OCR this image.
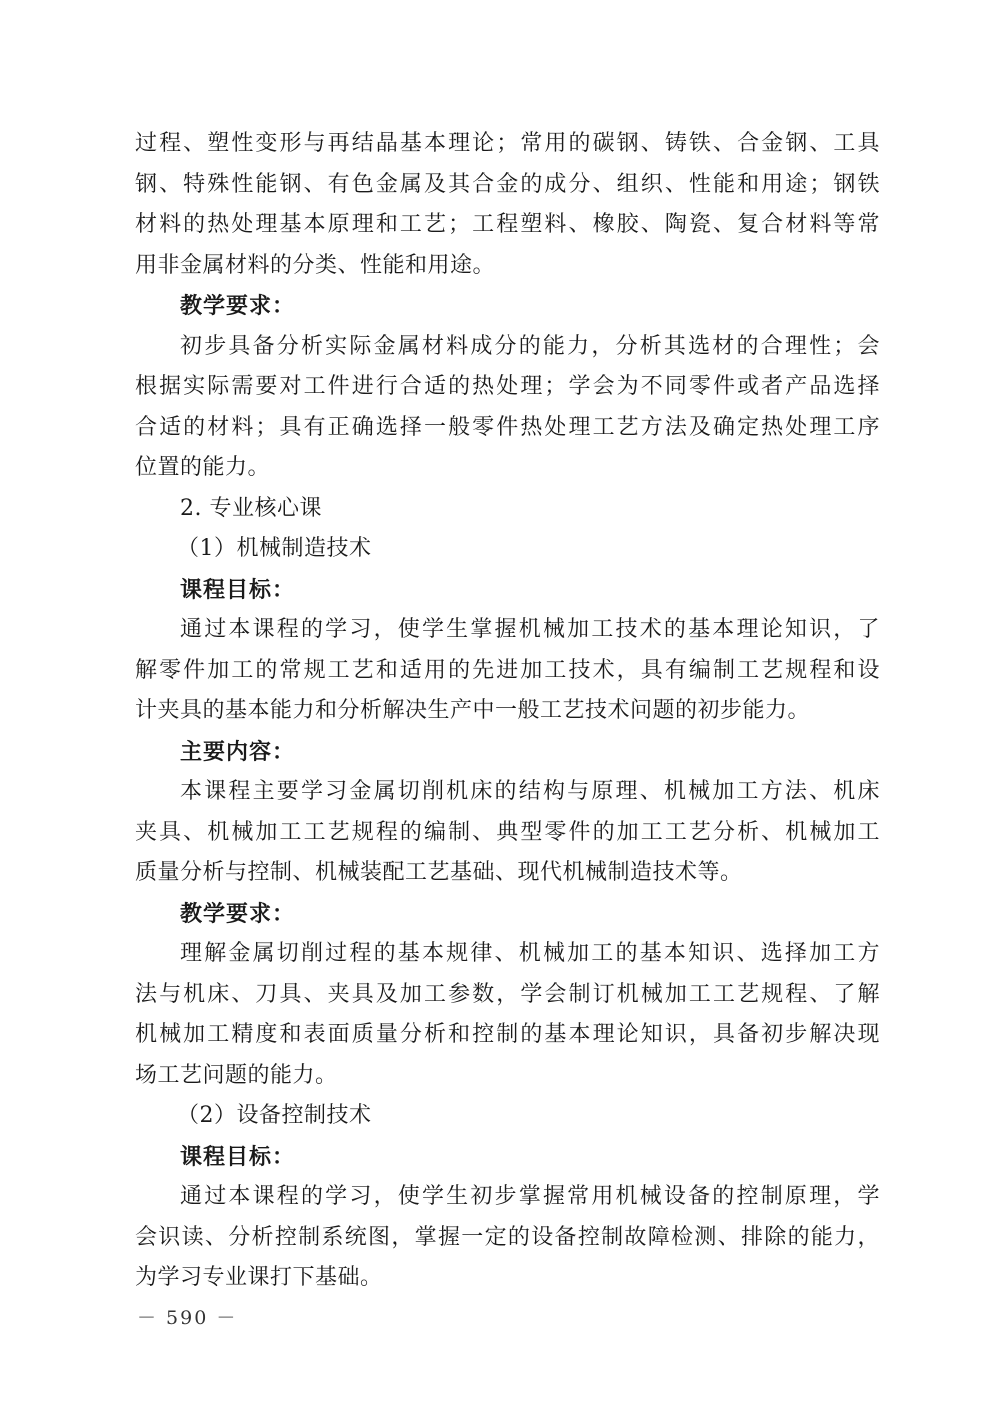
过程、塑性变形与再结晶基本理论；常用的碳钢、铸铁、合金钢、工具
钢、特殊性能钢、有色金属及其合金的成分、组织、性能和用途；钢铁
材料的热处理基本原理和工艺；工程塑料、橡胶、陶瓷、复合材料等常
用非金属材料的分类、性能和用途。
教学要求：
初步具备分析实际金属材料成分的能力，分析其选材的合理性；会
根据实际需要对工件进行合适的热处理；学会为不同零件或者产品选择
合适的材料；具有正确选择一般零件热处理工艺方法及确定热处理工序
位置的能力。
2. 专业核心课
（1）机械制造技术
课程目标：
通过本课程的学习，使学生掌握机械加工技术的基本理论知识，了
解零件加工的常规工艺和适用的先进加工技术，具有编制工艺规程和设
计夹具的基本能力和分析解决生产中一般工艺技术问题的初步能力。
主要内容：
本课程主要学习金属切削机床的结构与原理、机械加工方法、机床
夹具、机械加工工艺规程的编制、典型零件的加工工艺分析、机械加工
质量分析与控制、机械装配工艺基础、现代机械制造技术等。
教学要求：
理解金属切削过程的基本规律、机械加工的基本知识、选择加工方
法与机床、刀具、夹具及加工参数，学会制订机械加工工艺规程、了解
机械加工精度和表面质量分析和控制的基本理论知识，具备初步解决现
场工艺问题的能力。
（2）设备控制技术
课程目标：
通过本课程的学习，使学生初步掌握常用机械设备的控制原理，学
会识读、分析控制系统图，掌握一定的设备控制故障检测、排除的能力，
为学习专业课打下基础。
－ 590 －
